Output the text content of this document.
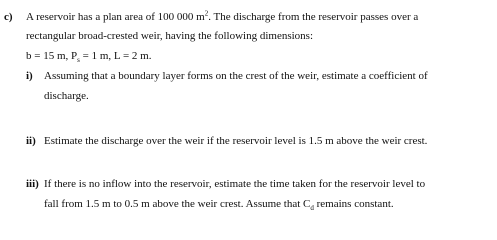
c) A reservoir has a plan area of 100 000 $m^2$. The discharge from the reservoir passes over a
rectangular broad-crested weir, having the following dimensions:
b = 15 m, $P_s = 1$ m, L = 2 m.
i) Assuming that a boundary layer forms on the crest of the weir, estimate a coefficient of
discharge.
ii) Estimate the discharge over the weir if the reservoir level is 1.5 m above the weir crest.
iii) If there is no inflow into the reservoir, estimate the time taken for the reservoir level to
fall from 1.5 m to 0.5 m above the weir crest. Assume that $C_d$ remains constant.
